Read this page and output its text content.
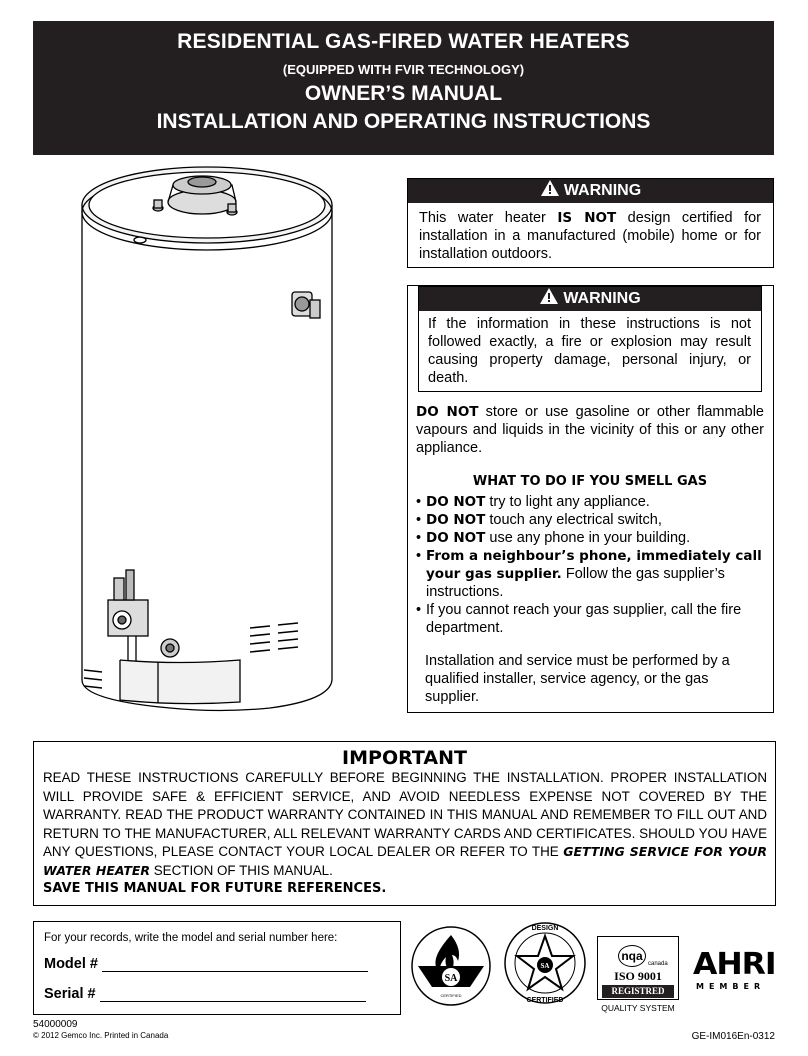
RESIDENTIAL GAS-FIRED WATER HEATERS
(EQUIPPED WITH FVIR TECHNOLOGY)
OWNER’S MANUAL
INSTALLATION AND OPERATING INSTRUCTIONS
WARNING
This water heater IS NOT design certified for installation in a manufactured (mobile) home or for installation outdoors.
WARNING
If the information in these instructions is not followed exactly, a fire or explosion may result causing property damage, personal injury, or death.
DO NOT store or use gasoline or other flammable vapours and liquids in the vicinity of this or any other appliance.
WHAT TO DO IF YOU SMELL GAS
• DO NOT try to light any appliance.
• DO NOT touch any electrical switch,
• DO NOT use any phone in your building.
• From a neighbour’s phone, immediately call your gas supplier. Follow the gas supplier’s instructions.
• If you cannot reach your gas supplier, call the fire department.
Installation and service must be performed by a qualified installer, service agency, or the gas supplier.
IMPORTANT
READ THESE INSTRUCTIONS CAREFULLY BEFORE BEGINNING THE INSTALLATION. PROPER INSTALLATION WILL PROVIDE SAFE & EFFICIENT SERVICE, AND AVOID NEEDLESS EXPENSE NOT COVERED BY THE WARRANTY. READ THE PRODUCT WARRANTY CONTAINED IN THIS MANUAL AND REMEMBER TO FILL OUT AND RETURN TO THE MANUFACTURER, ALL RELEVANT WARRANTY CARDS AND CERTIFICATES. SHOULD YOU HAVE ANY QUESTIONS, PLEASE CONTACT YOUR LOCAL DEALER OR REFER TO THE GETTING SERVICE FOR YOUR WATER HEATER SECTION OF THIS MANUAL.
SAVE THIS MANUAL FOR FUTURE REFERENCES.
For your records, write the model and serial number here:
Model #
Serial #
SA
CERTIFIED
SA
DESIGN
CERTIFIED
nqa
canada
ISO 9001
REGISTRED
QUALITY SYSTEM
AHRI
MEMBER
54000009
© 2012 Gemco Inc. Printed in Canada	GE-IM016En-0312
